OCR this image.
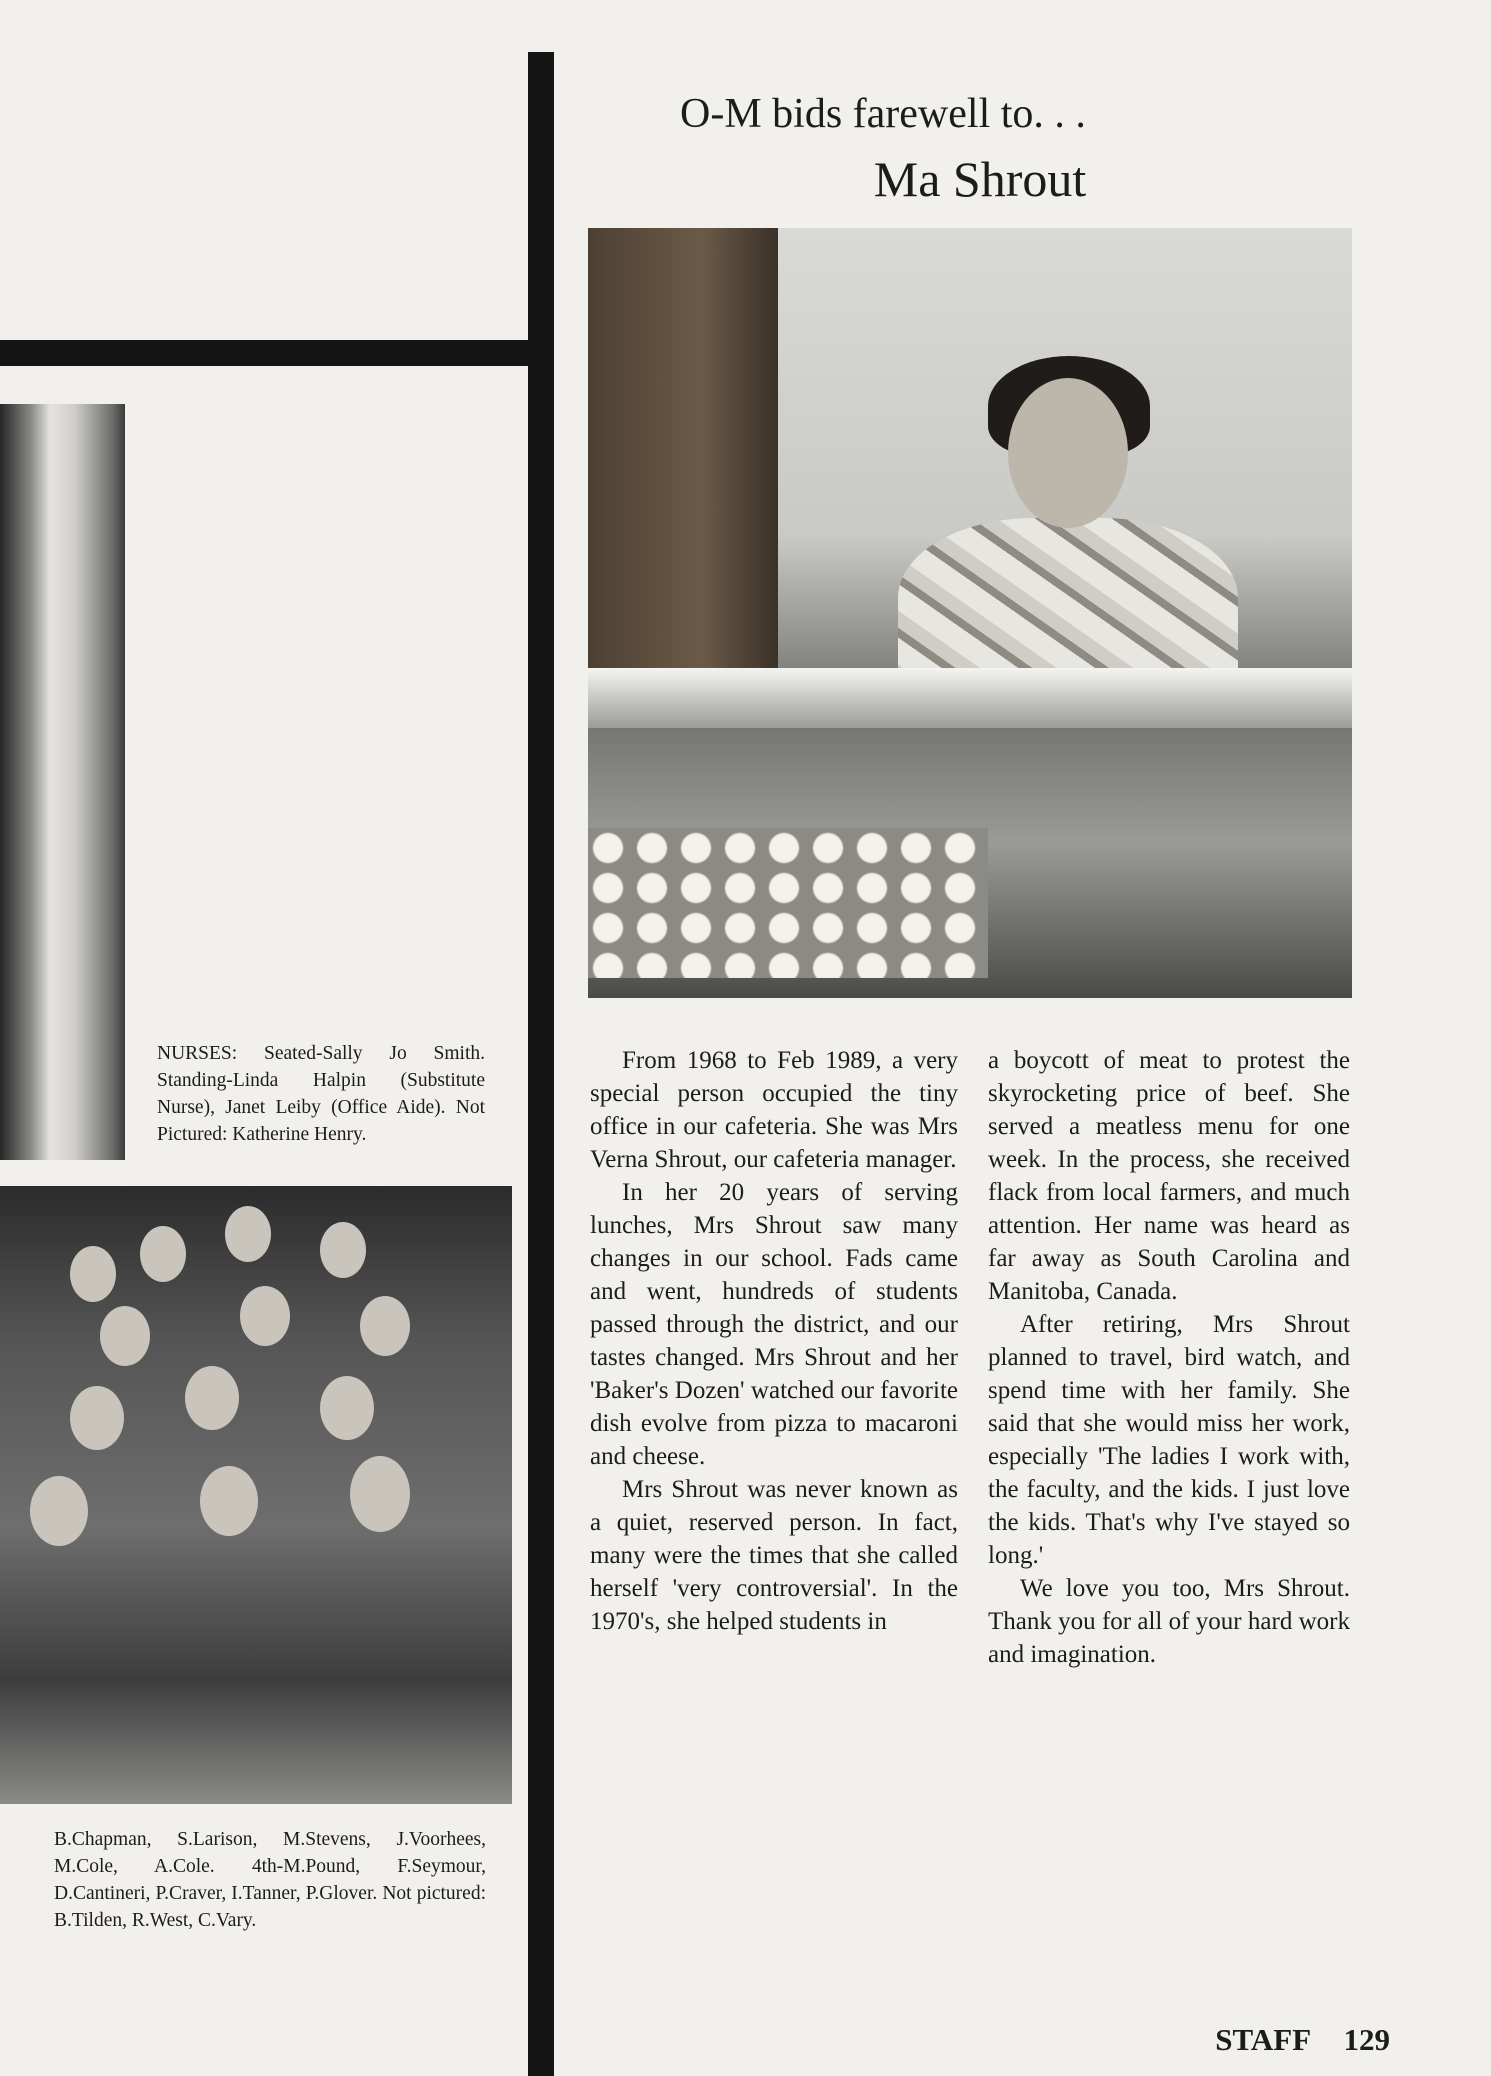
O-M bids farewell to. . .
Ma Shrout
NURSES: Seated-Sally Jo Smith. Standing-Linda Halpin (Substitute Nurse), Janet Leiby (Office Aide). Not Pictured: Katherine Henry.
B.Chapman, S.Larison, M.Stevens, J.Voorhees, M.Cole, A.Cole. 4th-M.Pound, F.Seymour, D.Cantineri, P.Craver, I.Tanner, P.Glover. Not pictured: B.Tilden, R.West, C.Vary.

From 1968 to Feb 1989, a very special person occupied the tiny office in our cafeteria. She was Mrs Verna Shrout, our cafeteria manager.

In her 20 years of serving lunches, Mrs Shrout saw many changes in our school. Fads came and went, hundreds of students passed through the district, and our tastes changed. Mrs Shrout and her 'Baker's Dozen' watched our favorite dish evolve from pizza to macaroni and cheese.

Mrs Shrout was never known as a quiet, reserved person. In fact, many were the times that she called herself 'very controversial'. In the 1970's, she helped students in

a boycott of meat to protest the skyrocketing price of beef. She served a meatless menu for one week. In the process, she received flack from local farmers, and much attention. Her name was heard as far away as South Carolina and Manitoba, Canada.

After retiring, Mrs Shrout planned to travel, bird watch, and spend time with her family. She said that she would miss her work, especially 'The ladies I work with, the faculty, and the kids. I just love the kids. That's why I've stayed so long.'

We love you too, Mrs Shrout. Thank you for all of your hard work and imagination.

STAFF 129
